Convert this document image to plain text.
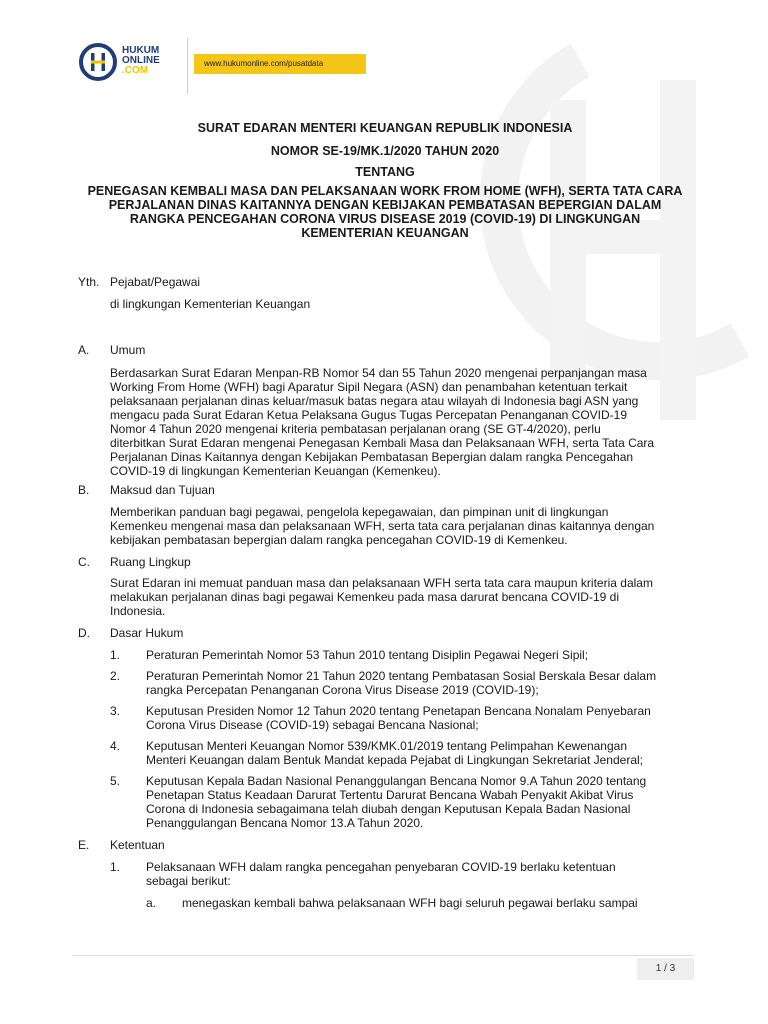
HUKUM
ONLINE
.COM
www.hukumonline.com/pusatdata
SURAT EDARAN MENTERI KEUANGAN REPUBLIK INDONESIA
NOMOR SE-19/MK.1/2020 TAHUN 2020
TENTANG
PENEGASAN KEMBALI MASA DAN PELAKSANAAN WORK FROM HOME (WFH), SERTA TATA CARA
PERJALANAN DINAS KAITANNYA DENGAN KEBIJAKAN PEMBATASAN BEPERGIAN DALAM
RANGKA PENCEGAHAN CORONA VIRUS DISEASE 2019 (COVID-19) DI LINGKUNGAN
KEMENTERIAN KEUANGAN
Yth. Pejabat/Pegawai
di lingkungan Kementerian Keuangan
A. Umum
Berdasarkan Surat Edaran Menpan-RB Nomor 54 dan 55 Tahun 2020 mengenai perpanjangan masa
Working From Home (WFH) bagi Aparatur Sipil Negara (ASN) dan penambahan ketentuan terkait
pelaksanaan perjalanan dinas keluar/masuk batas negara atau wilayah di Indonesia bagi ASN yang
mengacu pada Surat Edaran Ketua Pelaksana Gugus Tugas Percepatan Penanganan COVID-19
Nomor 4 Tahun 2020 mengenai kriteria pembatasan perjalanan orang (SE GT-4/2020), perlu
diterbitkan Surat Edaran mengenai Penegasan Kembali Masa dan Pelaksanaan WFH, serta Tata Cara
Perjalanan Dinas Kaitannya dengan Kebijakan Pembatasan Bepergian dalam rangka Pencegahan
COVID-19 di lingkungan Kementerian Keuangan (Kemenkeu).
B. Maksud dan Tujuan
Memberikan panduan bagi pegawai, pengelola kepegawaian, dan pimpinan unit di lingkungan
Kemenkeu mengenai masa dan pelaksanaan WFH, serta tata cara perjalanan dinas kaitannya dengan
kebijakan pembatasan bepergian dalam rangka pencegahan COVID-19 di Kemenkeu.
C. Ruang Lingkup
Surat Edaran ini memuat panduan masa dan pelaksanaan WFH serta tata cara maupun kriteria dalam
melakukan perjalanan dinas bagi pegawai Kemenkeu pada masa darurat bencana COVID-19 di
Indonesia.
D. Dasar Hukum
1. Peraturan Pemerintah Nomor 53 Tahun 2010 tentang Disiplin Pegawai Negeri Sipil;
2. Peraturan Pemerintah Nomor 21 Tahun 2020 tentang Pembatasan Sosial Berskala Besar dalam
rangka Percepatan Penanganan Corona Virus Disease 2019 (COVID-19);
3. Keputusan Presiden Nomor 12 Tahun 2020 tentang Penetapan Bencana Nonalam Penyebaran
Corona Virus Disease (COVID-19) sebagai Bencana Nasional;
4. Keputusan Menteri Keuangan Nomor 539/KMK.01/2019 tentang Pelimpahan Kewenangan
Menteri Keuangan dalam Bentuk Mandat kepada Pejabat di Lingkungan Sekretariat Jenderal;
5. Keputusan Kepala Badan Nasional Penanggulangan Bencana Nomor 9.A Tahun 2020 tentang
Penetapan Status Keadaan Darurat Tertentu Darurat Bencana Wabah Penyakit Akibat Virus
Corona di Indonesia sebagaimana telah diubah dengan Keputusan Kepala Badan Nasional
Penanggulangan Bencana Nomor 13.A Tahun 2020.
E. Ketentuan
1. Pelaksanaan WFH dalam rangka pencegahan penyebaran COVID-19 berlaku ketentuan
sebagai berikut:
a. menegaskan kembali bahwa pelaksanaan WFH bagi seluruh pegawai berlaku sampai
1 / 3
